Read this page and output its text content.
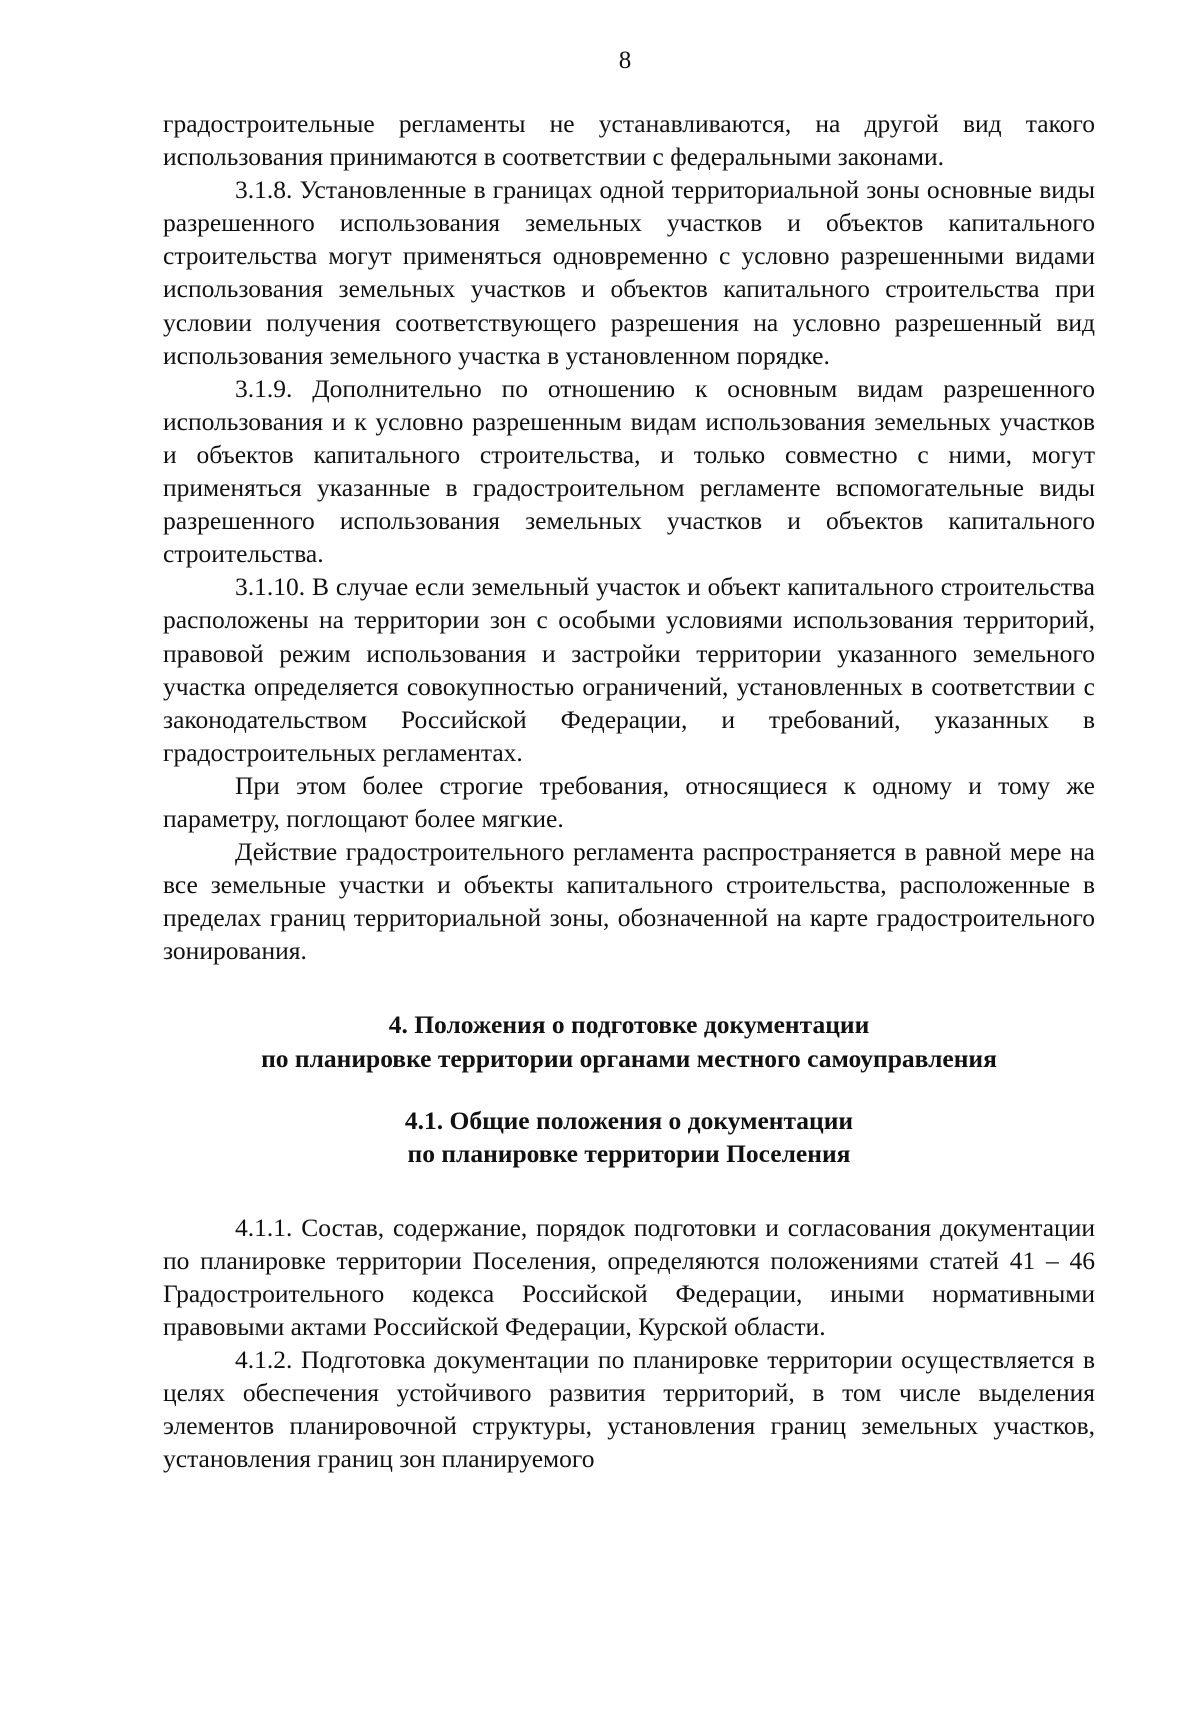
8

градостроительные регламенты не устанавливаются, на другой вид такого использования принимаются в соответствии с федеральными законами.

3.1.8. Установленные в границах одной территориальной зоны основные виды разрешенного использования земельных участков и объектов капитального строительства могут применяться одновременно с условно разрешенными видами использования земельных участков и объектов капитального строительства при условии получения соответствующего разрешения на условно разрешенный вид использования земельного участка в установленном порядке.

3.1.9. Дополнительно по отношению к основным видам разрешенного использования и к условно разрешенным видам использования земельных участков и объектов капитального строительства, и только совместно с ними, могут применяться указанные в градостроительном регламенте вспомогательные виды разрешенного использования земельных участков и объектов капитального строительства.

3.1.10. В случае если земельный участок и объект капитального строительства расположены на территории зон с особыми условиями использования территорий, правовой режим использования и застройки территории указанного земельного участка определяется совокупностью ограничений, установленных в соответствии с законодательством Российской Федерации, и требований, указанных в градостроительных регламентах.

При этом более строгие требования, относящиеся к одному и тому же параметру, поглощают более мягкие.

Действие градостроительного регламента распространяется в равной мере на все земельные участки и объекты капитального строительства, расположенные в пределах границ территориальной зоны, обозначенной на карте градостроительного зонирования.

4. Положения о подготовке документации

по планировке территории органами местного самоуправления

4.1. Общие положения о документации

по планировке территории Поселения

4.1.1. Состав, содержание, порядок подготовки и согласования документации по планировке территории Поселения, определяются положениями статей 41 – 46 Градостроительного кодекса Российской Федерации, иными нормативными правовыми актами Российской Федерации, Курской области.

4.1.2. Подготовка документации по планировке территории осуществляется в целях обеспечения устойчивого развития территорий, в том числе выделения элементов планировочной структуры, установления границ земельных участков, установления границ зон планируемого
